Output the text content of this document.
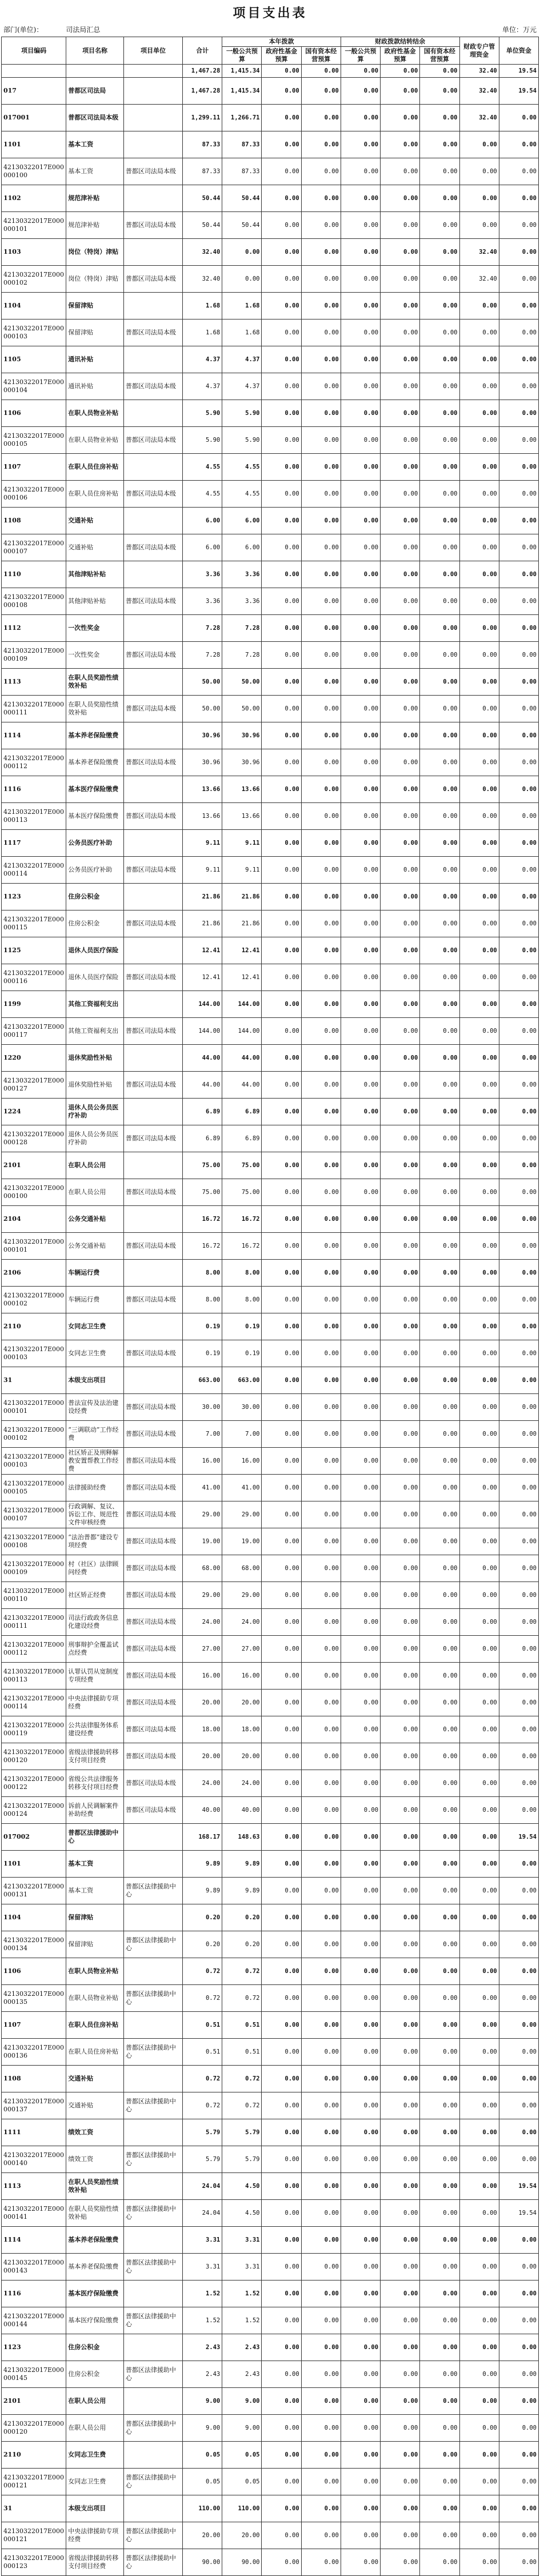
项目支出表
部门(单位)：	司法局汇总	单位：万元
项目编码	项目名称	项目单位	合计	本年拨款			财政拨款结转结余			财政专户管理资金	单位资金
				一般公共预算	政府性基金预算	国有资本经营预算	一般公共预算	政府性基金预算	国有资本经营预算		
			1,467.28	1,415.34	0.00	0.00	0.00	0.00	0.00	32.40	19.54
017	普都区司法局		1,467.28	1,415.34	0.00	0.00	0.00	0.00	0.00	32.40	19.54
017001	普都区司法局本级		1,299.11	1,266.71	0.00	0.00	0.00	0.00	0.00	32.40	0.00
1101	基本工资		87.33	87.33	0.00	0.00	0.00	0.00	0.00	0.00	0.00
42130322017E000000100	基本工资	普都区司法局本级	87.33	87.33	0.00	0.00	0.00	0.00	0.00	0.00	0.00
1102	规范津补贴		50.44	50.44	0.00	0.00	0.00	0.00	0.00	0.00	0.00
42130322017E000000101	规范津补贴	普都区司法局本级	50.44	50.44	0.00	0.00	0.00	0.00	0.00	0.00	0.00
1103	岗位（特岗）津贴		32.40	0.00	0.00	0.00	0.00	0.00	0.00	32.40	0.00
42130322017E000000102	岗位（特岗）津贴	普都区司法局本级	32.40	0.00	0.00	0.00	0.00	0.00	0.00	32.40	0.00
1104	保留津贴		1.68	1.68	0.00	0.00	0.00	0.00	0.00	0.00	0.00
42130322017E000000103	保留津贴	普都区司法局本级	1.68	1.68	0.00	0.00	0.00	0.00	0.00	0.00	0.00
1105	通讯补贴		4.37	4.37	0.00	0.00	0.00	0.00	0.00	0.00	0.00
42130322017E000000104	通讯补贴	普都区司法局本级	4.37	4.37	0.00	0.00	0.00	0.00	0.00	0.00	0.00
1106	在职人员物业补贴		5.90	5.90	0.00	0.00	0.00	0.00	0.00	0.00	0.00
42130322017E000000105	在职人员物业补贴	普都区司法局本级	5.90	5.90	0.00	0.00	0.00	0.00	0.00	0.00	0.00
1107	在职人员住房补贴		4.55	4.55	0.00	0.00	0.00	0.00	0.00	0.00	0.00
42130322017E000000106	在职人员住房补贴	普都区司法局本级	4.55	4.55	0.00	0.00	0.00	0.00	0.00	0.00	0.00
1108	交通补贴		6.00	6.00	0.00	0.00	0.00	0.00	0.00	0.00	0.00
42130322017E000000107	交通补贴	普都区司法局本级	6.00	6.00	0.00	0.00	0.00	0.00	0.00	0.00	0.00
1110	其他津贴补贴		3.36	3.36	0.00	0.00	0.00	0.00	0.00	0.00	0.00
42130322017E000000108	其他津贴补贴	普都区司法局本级	3.36	3.36	0.00	0.00	0.00	0.00	0.00	0.00	0.00
1112	一次性奖金		7.28	7.28	0.00	0.00	0.00	0.00	0.00	0.00	0.00
42130322017E000000109	一次性奖金	普都区司法局本级	7.28	7.28	0.00	0.00	0.00	0.00	0.00	0.00	0.00
1113	在职人员奖励性绩效补贴		50.00	50.00	0.00	0.00	0.00	0.00	0.00	0.00	0.00
42130322017E000000111	在职人员奖励性绩效补贴	普都区司法局本级	50.00	50.00	0.00	0.00	0.00	0.00	0.00	0.00	0.00
1114	基本养老保险缴费		30.96	30.96	0.00	0.00	0.00	0.00	0.00	0.00	0.00
42130322017E000000112	基本养老保险缴费	普都区司法局本级	30.96	30.96	0.00	0.00	0.00	0.00	0.00	0.00	0.00
1116	基本医疗保险缴费		13.66	13.66	0.00	0.00	0.00	0.00	0.00	0.00	0.00
42130322017E000000113	基本医疗保险缴费	普都区司法局本级	13.66	13.66	0.00	0.00	0.00	0.00	0.00	0.00	0.00
1117	公务员医疗补助		9.11	9.11	0.00	0.00	0.00	0.00	0.00	0.00	0.00
42130322017E000000114	公务员医疗补助	普都区司法局本级	9.11	9.11	0.00	0.00	0.00	0.00	0.00	0.00	0.00
1123	住房公积金		21.86	21.86	0.00	0.00	0.00	0.00	0.00	0.00	0.00
42130322017E000000115	住房公积金	普都区司法局本级	21.86	21.86	0.00	0.00	0.00	0.00	0.00	0.00	0.00
1125	退休人员医疗保险		12.41	12.41	0.00	0.00	0.00	0.00	0.00	0.00	0.00
42130322017E000000116	退休人员医疗保险	普都区司法局本级	12.41	12.41	0.00	0.00	0.00	0.00	0.00	0.00	0.00
1199	其他工资福利支出		144.00	144.00	0.00	0.00	0.00	0.00	0.00	0.00	0.00
42130322017E000000117	其他工资福利支出	普都区司法局本级	144.00	144.00	0.00	0.00	0.00	0.00	0.00	0.00	0.00
1220	退休奖励性补贴		44.00	44.00	0.00	0.00	0.00	0.00	0.00	0.00	0.00
42130322017E000000127	退休奖励性补贴	普都区司法局本级	44.00	44.00	0.00	0.00	0.00	0.00	0.00	0.00	0.00
1224	退休人员公务员医疗补助		6.89	6.89	0.00	0.00	0.00	0.00	0.00	0.00	0.00
42130322017E000000128	退休人员公务员医疗补助	普都区司法局本级	6.89	6.89	0.00	0.00	0.00	0.00	0.00	0.00	0.00
2101	在职人员公用		75.00	75.00	0.00	0.00	0.00	0.00	0.00	0.00	0.00
42130322017E000000100	在职人员公用	普都区司法局本级	75.00	75.00	0.00	0.00	0.00	0.00	0.00	0.00	0.00
2104	公务交通补贴		16.72	16.72	0.00	0.00	0.00	0.00	0.00	0.00	0.00
42130322017E000000101	公务交通补贴	普都区司法局本级	16.72	16.72	0.00	0.00	0.00	0.00	0.00	0.00	0.00
2106	车辆运行费		8.00	8.00	0.00	0.00	0.00	0.00	0.00	0.00	0.00
42130322017E000000102	车辆运行费	普都区司法局本级	8.00	8.00	0.00	0.00	0.00	0.00	0.00	0.00	0.00
2110	女同志卫生费		0.19	0.19	0.00	0.00	0.00	0.00	0.00	0.00	0.00
42130322017E000000103	女同志卫生费	普都区司法局本级	0.19	0.19	0.00	0.00	0.00	0.00	0.00	0.00	0.00
31	本级支出项目		663.00	663.00	0.00	0.00	0.00	0.00	0.00	0.00	0.00
42130322017E000000101	普法宣传及法治建设经费	普都区司法局本级	30.00	30.00	0.00	0.00	0.00	0.00	0.00	0.00	0.00
42130322017E000000102	“三调联动”工作经费	普都区司法局本级	7.00	7.00	0.00	0.00	0.00	0.00	0.00	0.00	0.00
42130322017E000000103	社区矫正及刑释解教安置帮教工作经费	普都区司法局本级	16.00	16.00	0.00	0.00	0.00	0.00	0.00	0.00	0.00
42130322017E000000105	法律援助经费	普都区司法局本级	41.00	41.00	0.00	0.00	0.00	0.00	0.00	0.00	0.00
42130322017E000000107	行政调解、复议、诉讼工作、规范性文件审核经费	普都区司法局本级	29.00	29.00	0.00	0.00	0.00	0.00	0.00	0.00	0.00
42130322017E000000108	“法治普都”建设专项经费	普都区司法局本级	19.00	19.00	0.00	0.00	0.00	0.00	0.00	0.00	0.00
42130322017E000000109	村（社区）法律顾问经费	普都区司法局本级	68.00	68.00	0.00	0.00	0.00	0.00	0.00	0.00	0.00
42130322017E000000110	社区矫正经费	普都区司法局本级	29.00	29.00	0.00	0.00	0.00	0.00	0.00	0.00	0.00
42130322017E000000111	司法行政政务信息化建设经费	普都区司法局本级	24.00	24.00	0.00	0.00	0.00	0.00	0.00	0.00	0.00
42130322017E000000112	刑事辩护全覆盖试点经费	普都区司法局本级	27.00	27.00	0.00	0.00	0.00	0.00	0.00	0.00	0.00
42130322017E000000113	认罪认罚从宽制度专项经费	普都区司法局本级	16.00	16.00	0.00	0.00	0.00	0.00	0.00	0.00	0.00
42130322017E000000114	中央法律援助专项经费	普都区司法局本级	20.00	20.00	0.00	0.00	0.00	0.00	0.00	0.00	0.00
42130322017E000000119	公共法律服务体系建设经费	普都区司法局本级	18.00	18.00	0.00	0.00	0.00	0.00	0.00	0.00	0.00
42130322017E000000120	省级法律援助转移支付项目经费	普都区司法局本级	20.00	20.00	0.00	0.00	0.00	0.00	0.00	0.00	0.00
42130322017E000000122	省级公共法律服务转移支付项目经费	普都区司法局本级	24.00	24.00	0.00	0.00	0.00	0.00	0.00	0.00	0.00
42130322017E000000124	诉前人民调解案件补助经费	普都区司法局本级	40.00	40.00	0.00	0.00	0.00	0.00	0.00	0.00	0.00
017002	普都区法律援助中心		168.17	148.63	0.00	0.00	0.00	0.00	0.00	0.00	19.54
1101	基本工资		9.89	9.89	0.00	0.00	0.00	0.00	0.00	0.00	0.00
42130322017E000000131	基本工资	普都区法律援助中心	9.89	9.89	0.00	0.00	0.00	0.00	0.00	0.00	0.00
1104	保留津贴		0.20	0.20	0.00	0.00	0.00	0.00	0.00	0.00	0.00
42130322017E000000134	保留津贴	普都区法律援助中心	0.20	0.20	0.00	0.00	0.00	0.00	0.00	0.00	0.00
1106	在职人员物业补贴		0.72	0.72	0.00	0.00	0.00	0.00	0.00	0.00	0.00
42130322017E000000135	在职人员物业补贴	普都区法律援助中心	0.72	0.72	0.00	0.00	0.00	0.00	0.00	0.00	0.00
1107	在职人员住房补贴		0.51	0.51	0.00	0.00	0.00	0.00	0.00	0.00	0.00
42130322017E000000136	在职人员住房补贴	普都区法律援助中心	0.51	0.51	0.00	0.00	0.00	0.00	0.00	0.00	0.00
1108	交通补贴		0.72	0.72	0.00	0.00	0.00	0.00	0.00	0.00	0.00
42130322017E000000137	交通补贴	普都区法律援助中心	0.72	0.72	0.00	0.00	0.00	0.00	0.00	0.00	0.00
1111	绩效工资		5.79	5.79	0.00	0.00	0.00	0.00	0.00	0.00	0.00
42130322017E000000140	绩效工资	普都区法律援助中心	5.79	5.79	0.00	0.00	0.00	0.00	0.00	0.00	0.00
1113	在职人员奖励性绩效补贴		24.04	4.50	0.00	0.00	0.00	0.00	0.00	0.00	19.54
42130322017E000000141	在职人员奖励性绩效补贴	普都区法律援助中心	24.04	4.50	0.00	0.00	0.00	0.00	0.00	0.00	19.54
1114	基本养老保险缴费		3.31	3.31	0.00	0.00	0.00	0.00	0.00	0.00	0.00
42130322017E000000143	基本养老保险缴费	普都区法律援助中心	3.31	3.31	0.00	0.00	0.00	0.00	0.00	0.00	0.00
1116	基本医疗保险缴费		1.52	1.52	0.00	0.00	0.00	0.00	0.00	0.00	0.00
42130322017E000000144	基本医疗保险缴费	普都区法律援助中心	1.52	1.52	0.00	0.00	0.00	0.00	0.00	0.00	0.00
1123	住房公积金		2.43	2.43	0.00	0.00	0.00	0.00	0.00	0.00	0.00
42130322017E000000145	住房公积金	普都区法律援助中心	2.43	2.43	0.00	0.00	0.00	0.00	0.00	0.00	0.00
2101	在职人员公用		9.00	9.00	0.00	0.00	0.00	0.00	0.00	0.00	0.00
42130322017E000000120	在职人员公用	普都区法律援助中心	9.00	9.00	0.00	0.00	0.00	0.00	0.00	0.00	0.00
2110	女同志卫生费		0.05	0.05	0.00	0.00	0.00	0.00	0.00	0.00	0.00
42130322017E000000121	女同志卫生费	普都区法律援助中心	0.05	0.05	0.00	0.00	0.00	0.00	0.00	0.00	0.00
31	本级支出项目		110.00	110.00	0.00	0.00	0.00	0.00	0.00	0.00	0.00
42130322017E000000121	中央法律援助专项经费	普都区法律援助中心	20.00	20.00	0.00	0.00	0.00	0.00	0.00	0.00	0.00
42130322017E000000123	省级法律援助转移支付项目经费	普都区法律援助中心	90.00	90.00	0.00	0.00	0.00	0.00	0.00	0.00	0.00
